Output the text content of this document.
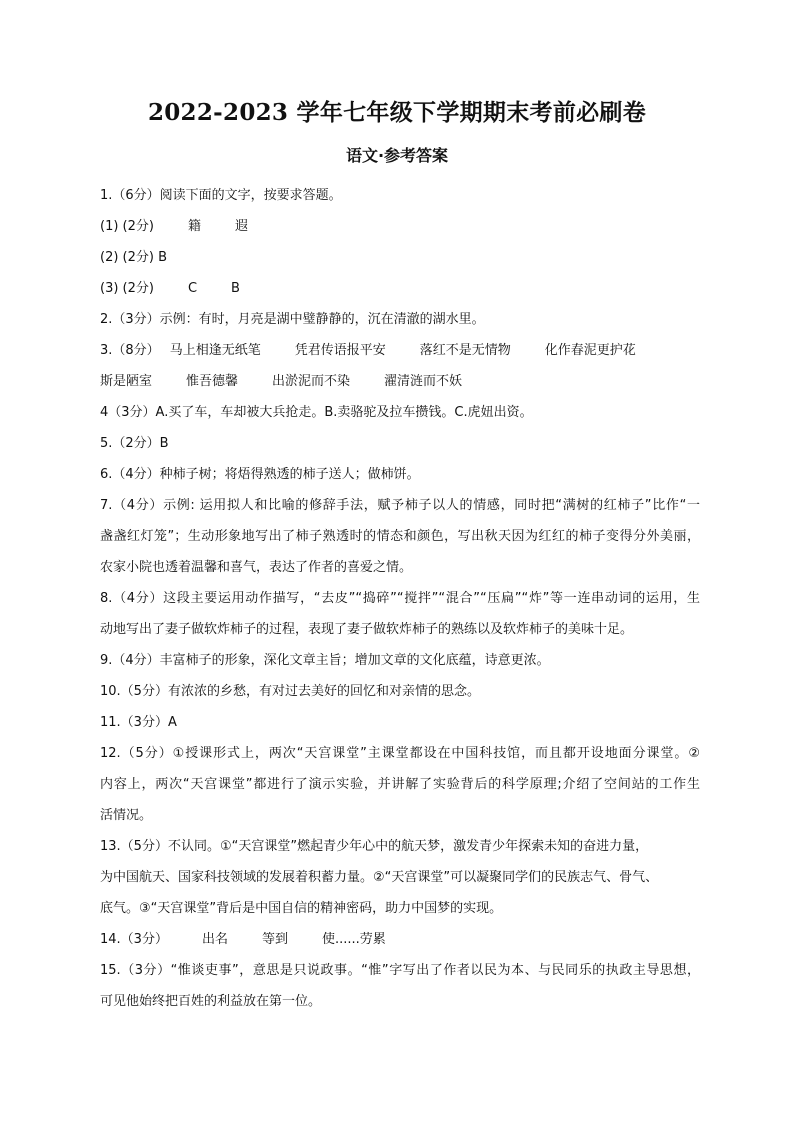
2022-2023 学年七年级下学期期末考前必刷卷
语文·参考答案

1.（6分）阅读下面的文字，按要求答题。

(1) (2分)	籍	遐

(2) (2分) B

(3) (2分)	C	B

2.（3分）示例：有时，月亮是湖中璧静静的，沉在清澈的湖水里。

3.（8分） 马上相逢无纸笔	凭君传语报平安	落红不是无情物	化作春泥更护花

斯是陋室	惟吾德馨	出淤泥而不染	濯清涟而不妖

4（3分）A.买了车，车却被大兵抢走。B.卖骆驼及拉车攒钱。C.虎妞出资。

5.（2分）B

6.（4分）种柿子树；将焐得熟透的柿子送人；做柿饼。

7.（4分）示例: 运用拟人和比喻的修辞手法，赋予柿子以人的情感，同时把“满树的红柿子”比作“一

盏盏红灯笼”；生动形象地写出了柿子熟透时的情态和颜色，写出秋天因为红红的柿子变得分外美丽，

农家小院也透着温馨和喜气，表达了作者的喜爱之情。

8.（4分）这段主要运用动作描写，“去皮”“捣碎”“搅拌”“混合”“压扁”“炸”等一连串动词的运用，生

动地写出了妻子做软炸柿子的过程，表现了妻子做软炸柿子的熟练以及软炸柿子的美味十足。

9.（4分）丰富柿子的形象，深化文章主旨；增加文章的文化底蕴，诗意更浓。

10.（5分）有浓浓的乡愁，有对过去美好的回忆和对亲情的思念。

11.（3分）A

12.（5分）①授课形式上，两次“天宫课堂”主课堂都设在中国科技馆，而且都开设地面分课堂。②

内容上，两次“天宫课堂”都进行了演示实验，并讲解了实验背后的科学原理;介绍了空间站的工作生

活情况。

13.（5分）不认同。①“天宫课堂”燃起青少年心中的航天梦，激发青少年探索未知的奋进力量，

为中国航天、国家科技领域的发展着积蓄力量。②“天宫课堂”可以凝聚同学们的民族志气、骨气、

底气。③“天宫课堂”背后是中国自信的精神密码，助力中国梦的实现。

14.（3分）	出名	等到	使......劳累

15.（3分）“惟谈吏事”，意思是只说政事。“惟”字写出了作者以民为本、与民同乐的执政主导思想，

可见他始终把百姓的利益放在第一位。
